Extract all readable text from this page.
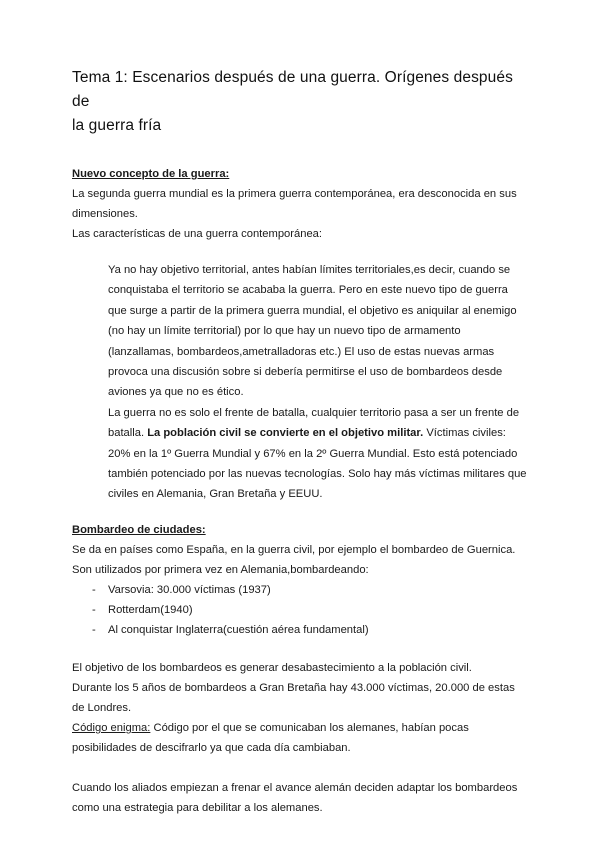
Tema 1: Escenarios después de una guerra. Orígenes después de
la guerra fría
Nuevo concepto de la guerra:

La segunda guerra mundial es la primera guerra contemporánea, era desconocida en sus dimensiones.

Las características de una guerra contemporánea:

Ya no hay objetivo territorial, antes habían límites territoriales,es decir, cuando se conquistaba el territorio se acababa la guerra. Pero en este nuevo tipo de guerra que surge a partir de la primera guerra mundial, el objetivo es aniquilar al enemigo (no hay un límite territorial) por lo que hay un nuevo tipo de armamento (lanzallamas, bombardeos,ametralladoras etc.) El uso de estas nuevas armas provoca una discusión sobre si debería permitirse el uso de bombardeos desde aviones ya que no es ético.

La guerra no es solo el frente de batalla, cualquier territorio pasa a ser un frente de batalla. La población civil se convierte en el objetivo militar. Víctimas civiles: 20% en la 1º Guerra Mundial y 67% en la 2º Guerra Mundial. Esto está potenciado también potenciado por las nuevas tecnologías. Solo hay más víctimas militares que civiles en Alemania, Gran Bretaña y EEUU.

Bombardeo de ciudades:

Se da en países como España, en la guerra civil, por ejemplo el bombardeo de Guernica.

Son utilizados por primera vez en Alemania,bombardeando:

-	Varsovia: 30.000 víctimas (1937)
-	Rotterdam(1940)
-	Al conquistar Inglaterra(cuestión aérea fundamental)

El objetivo de los bombardeos es generar desabastecimiento a la población civil.

Durante los 5 años de bombardeos a Gran Bretaña hay 43.000 víctimas, 20.000 de estas de Londres.

Código enigma: Código por el que se comunicaban los alemanes, habían pocas posibilidades de descifrarlo ya que cada día cambiaban.

Cuando los aliados empiezan a frenar el avance alemán deciden adaptar los bombardeos como una estrategia para debilitar a los alemanes.
